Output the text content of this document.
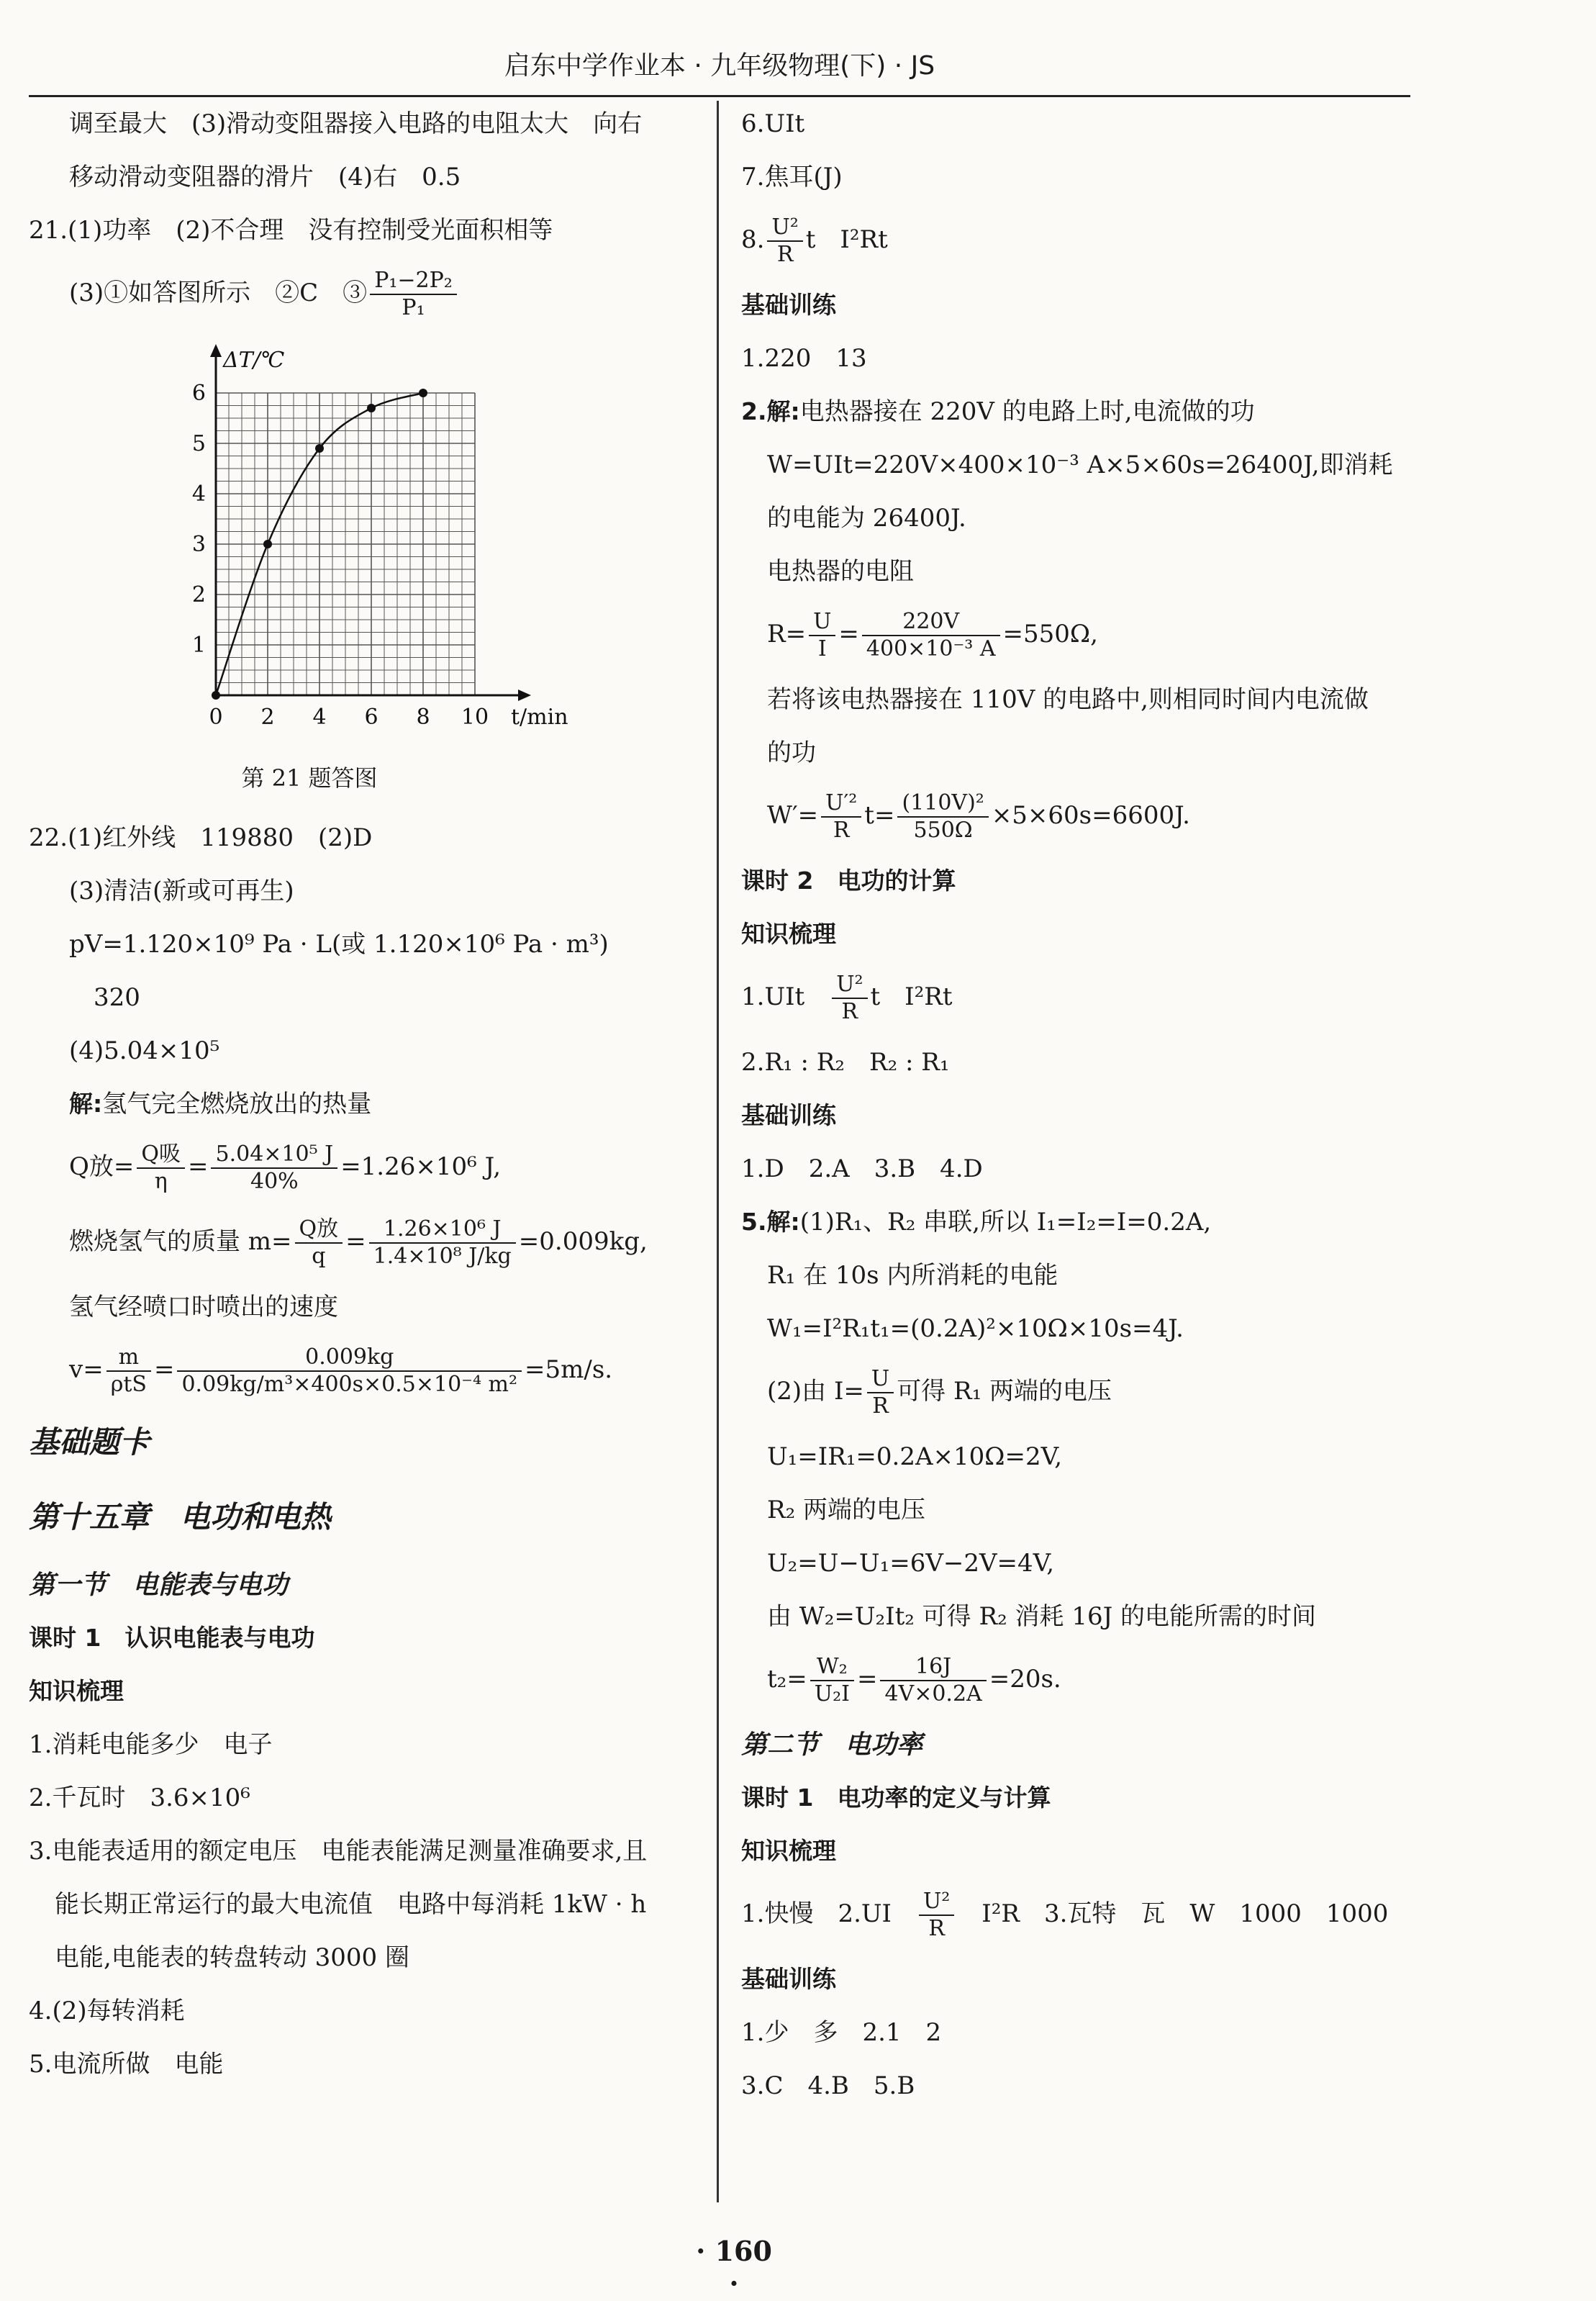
启东中学作业本 · 九年级物理(下) · JS
调至最大　(3)滑动变阻器接入电路的电阻太大　向右
移动滑动变阻器的滑片　(4)右　0.5
21.(1)功率　(2)不合理　没有控制受光面积相等
(3)①如答图所示　②C　③ $\frac{\text{P₁−2P₂}}{\text{P₁}}$
0 2 4 6 8 10
1
2
3
4
5
6
ΔT/℃
t/min
第 21 题答图
22.(1)红外线　119880　(2)D
(3)清洁(新或可再生)
pV=1.120×10⁹ Pa · L(或 1.120×10⁶ Pa · m³)
320
(4)5.04×10⁵
解:氢气完全燃烧放出的热量
Q放= $\frac{\text{Q吸}}{\eta} = \frac{\text{5.04×10⁵ J}}{40\%} =1.26\times 10^6$ J,
燃烧氢气的质量 $m= \frac{\text{Q放}}{q} = \frac{\text{1.26×10⁶ J}}{\text{1.4×10⁸ J/kg}} =0.009kg$,
氢气经喷口时喷出的速度
$v= \frac{m}{\text{ρtS}} = \frac{0.009kg}{\text{0.09kg/m³×400s×0.5×10⁻⁴ m²}} =5m/s$.
基础题卡
第十五章　电功和电热
第一节　电能表与电功
课时 1　认识电能表与电功
知识梳理
1.消耗电能多少　电子
2.千瓦时　3.6×10⁶
3.电能表适用的额定电压　电能表能满足测量准确要求,且
能长期正常运行的最大电流值　电路中每消耗 1kW · h
电能,电能表的转盘转动 3000 圈
4.(2)每转消耗
5.电流所做　电能
6.UIt
7.焦耳(J)
8. $\frac{\text{U²}}{R}$ t　I²Rt
基础训练
1.220　13
2.解:电热器接在 220V 的电路上时,电流做的功
W=UIt=220V×400×10⁻³ A×5×60s=26400J,即消耗
的电能为 26400J.
电热器的电阻
$R= \frac{U}{I} = \frac{220V}{\text{400×10⁻³ A}} =550\Omega$,
若将该电热器接在 110V 的电路中,则相同时间内电流做
的功
$W'= \frac{\text{U′²}}{R} t= \frac{\text{(110V)²}}{550\Omega} \times 5\times 60s=6600J$.
课时 2　电功的计算
知识梳理
1.UIt　 $\frac{\text{U²}}{R}$ t　I²Rt
2.R₁ : R₂　R₂ : R₁
基础训练
1.D　2.A　3.B　4.D
5.解:(1)R₁、R₂ 串联,所以 I₁=I₂=I=0.2A,
R₁ 在 10s 内所消耗的电能
W₁=I²R₁t₁=(0.2A)²×10Ω×10s=4J.
(2)由 $I= \frac{U}{R}$ 可得 R₁ 两端的电压
U₁=IR₁=0.2A×10Ω=2V,
R₂ 两端的电压
U₂=U−U₁=6V−2V=4V,
由 W₂=U₂It₂ 可得 R₂ 消耗 16J 的电能所需的时间
$t_2= \frac{\text{W₂}}{\text{U₂I}} = \frac{16J}{4V\times 0.2A} =20s$.
第二节　电功率
课时 1　电功率的定义与计算
知识梳理
1.快慢　2.UI　 $\frac{\text{U²}}{R}$ 　I²R　3.瓦特　瓦　W　1000　1000
基础训练
1.少　多　2.1　2
3.C　4.B　5.B
· 160 ·
